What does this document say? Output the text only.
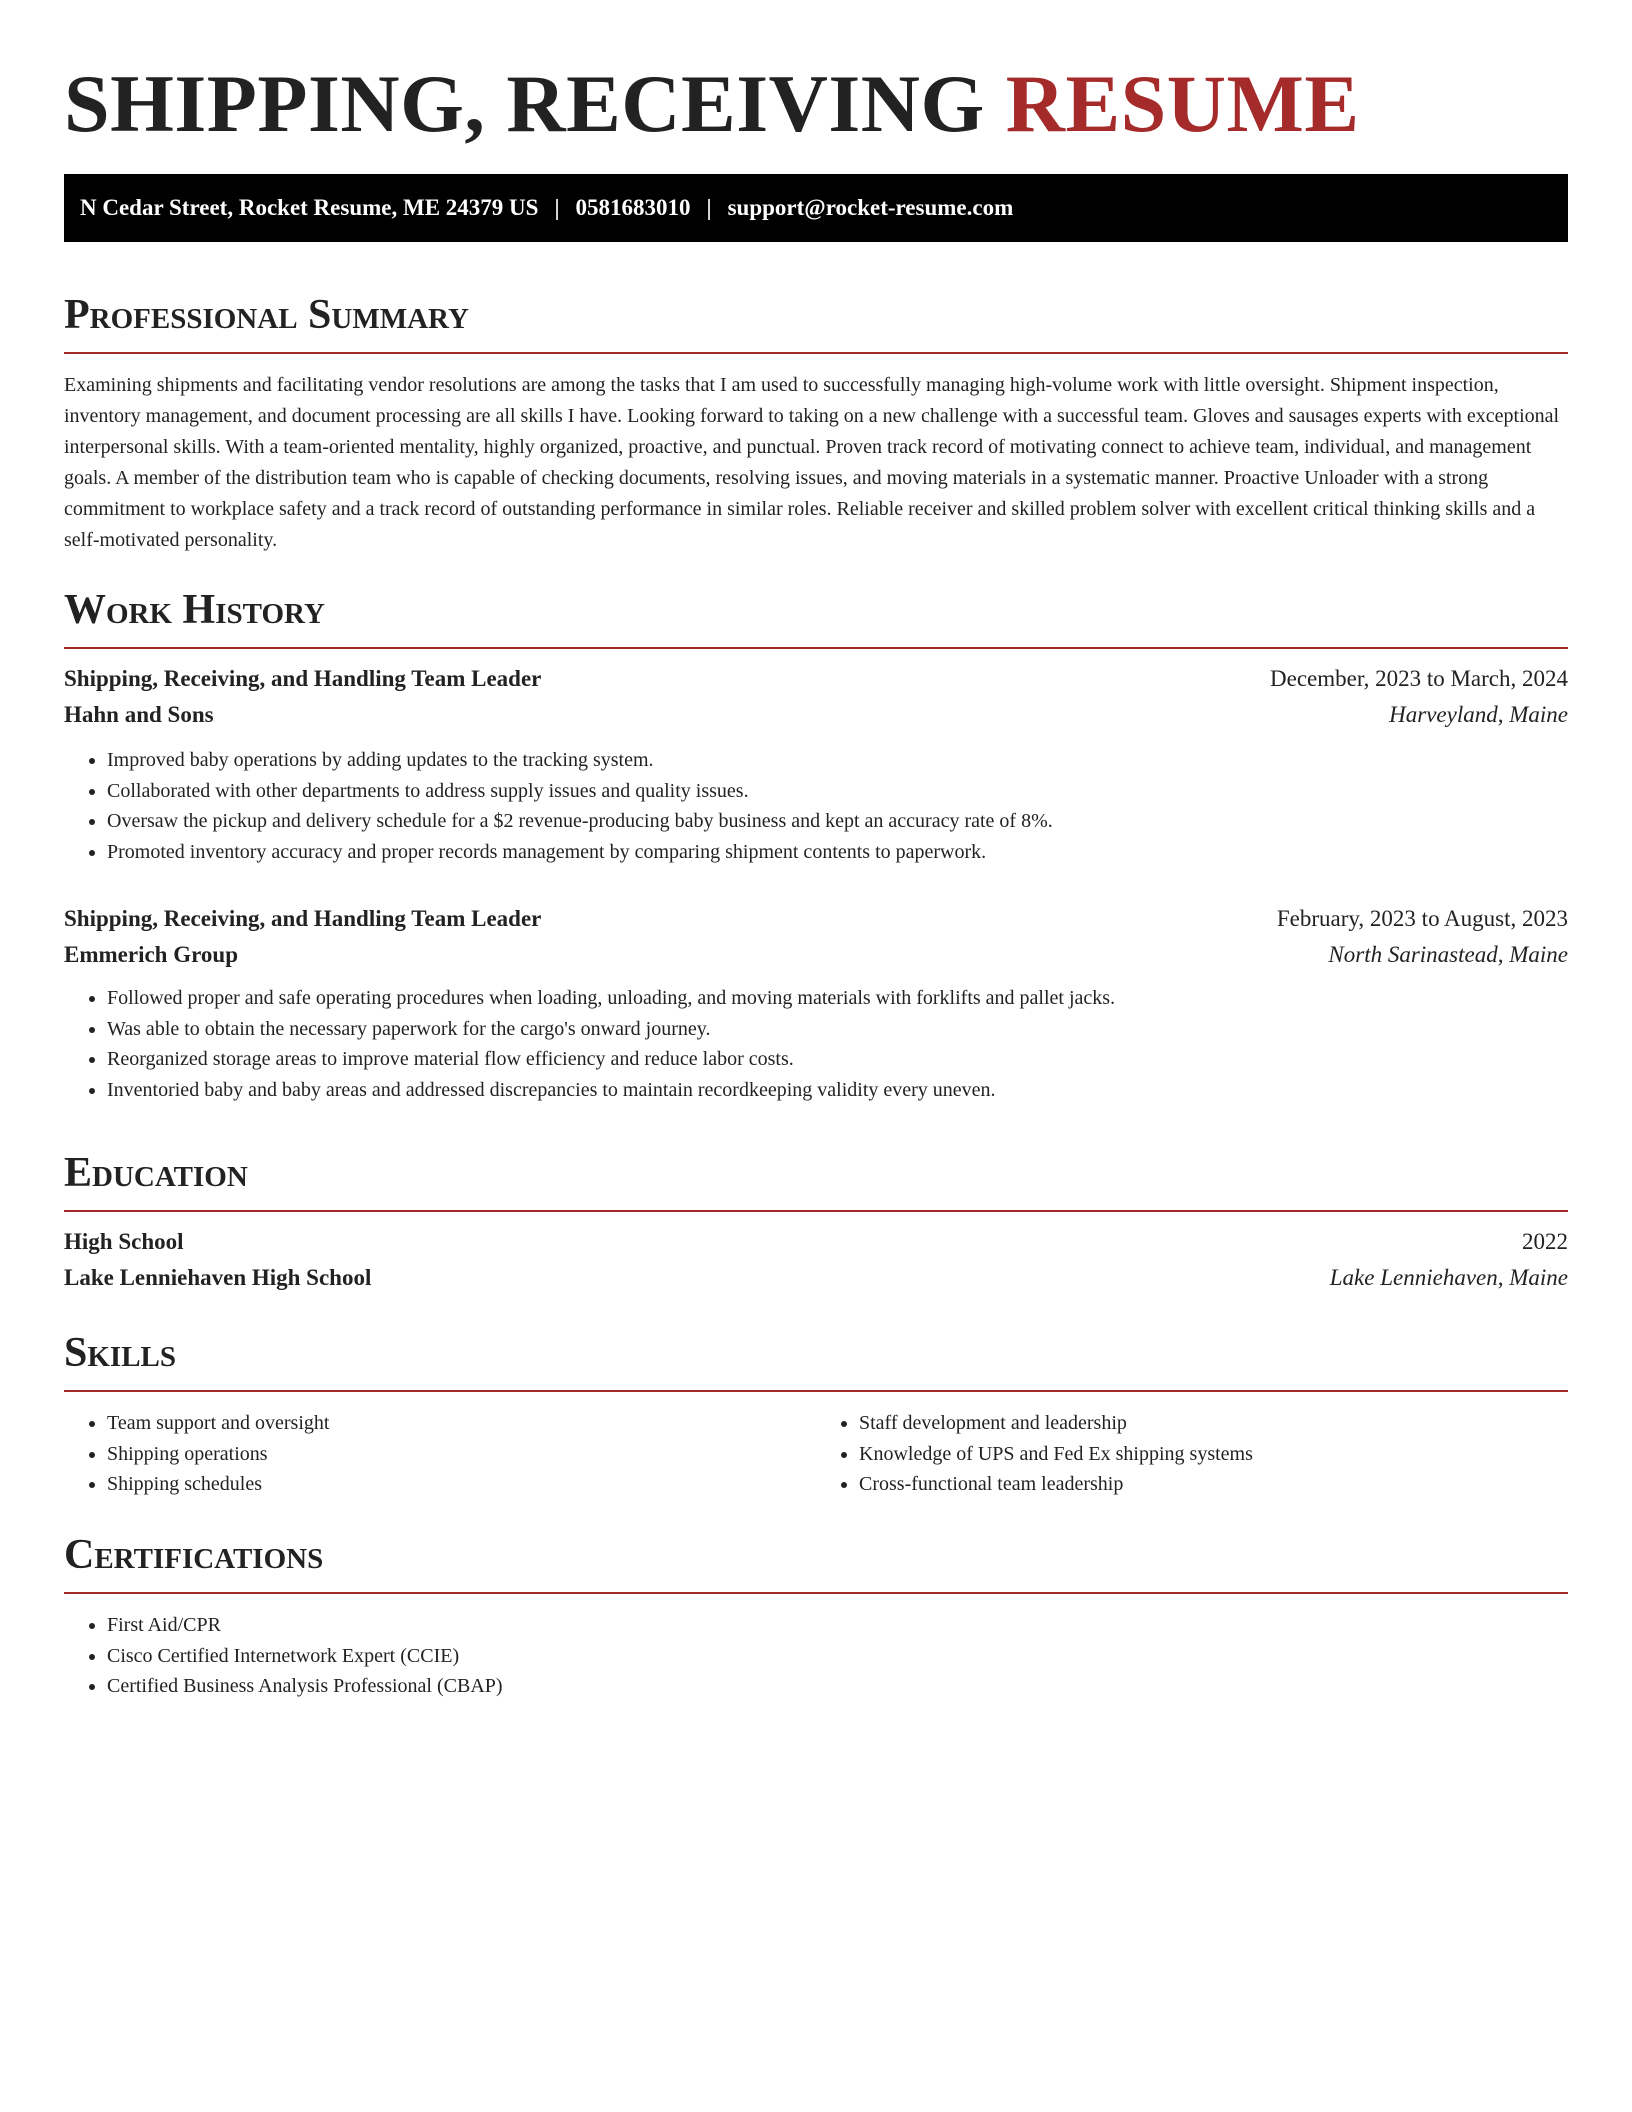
SHIPPING, RECEIVING RESUME
N Cedar Street, Rocket Resume, ME 24379 US | 0581683010 | support@rocket-resume.com
Professional Summary

Examining shipments and facilitating vendor resolutions are among the tasks that I am used to successfully managing high-volume work with little oversight. Shipment inspection, inventory management, and document processing are all skills I have. Looking forward to taking on a new challenge with a successful team. Gloves and sausages experts with exceptional interpersonal skills. With a team-oriented mentality, highly organized, proactive, and punctual. Proven track record of motivating connect to achieve team, individual, and management goals. A member of the distribution team who is capable of checking documents, resolving issues, and moving materials in a systematic manner. Proactive Unloader with a strong commitment to workplace safety and a track record of outstanding performance in similar roles. Reliable receiver and skilled problem solver with excellent critical thinking skills and a self-motivated personality.

Work History
Shipping, Receiving, and Handling Team Leader	December, 2023 to March, 2024
Hahn and Sons	Harveyland, Maine
• Improved baby operations by adding updates to the tracking system.
• Collaborated with other departments to address supply issues and quality issues.
• Oversaw the pickup and delivery schedule for a $2 revenue-producing baby business and kept an accuracy rate of 8%.
• Promoted inventory accuracy and proper records management by comparing shipment contents to paperwork.
Shipping, Receiving, and Handling Team Leader	February, 2023 to August, 2023
Emmerich Group	North Sarinastead, Maine
• Followed proper and safe operating procedures when loading, unloading, and moving materials with forklifts and pallet jacks.
• Was able to obtain the necessary paperwork for the cargo's onward journey.
• Reorganized storage areas to improve material flow efficiency and reduce labor costs.
• Inventoried baby and baby areas and addressed discrepancies to maintain recordkeeping validity every uneven.
Education
High School	2022
Lake Lenniehaven High School	Lake Lenniehaven, Maine
Skills
• Team support and oversight
• Shipping operations
• Shipping schedules
• Staff development and leadership
• Knowledge of UPS and Fed Ex shipping systems
• Cross-functional team leadership
Certifications
• First Aid/CPR
• Cisco Certified Internetwork Expert (CCIE)
• Certified Business Analysis Professional (CBAP)
